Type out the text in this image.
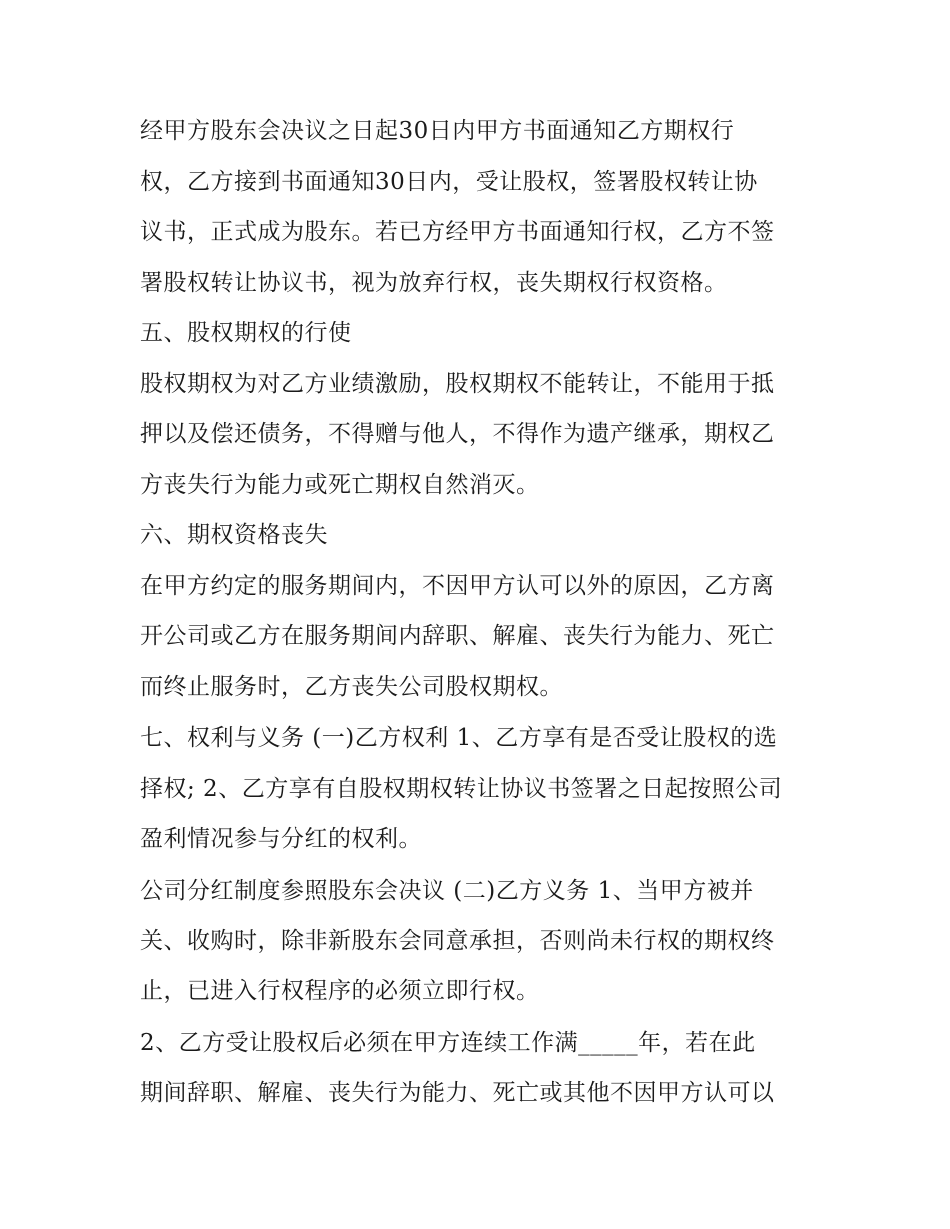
经甲方股东会决议之日起30日内甲方书面通知乙方期权行
权，乙方接到书面通知30日内，受让股权，签署股权转让协
议书，正式成为股东。若已方经甲方书面通知行权，乙方不签
署股权转让协议书，视为放弃行权，丧失期权行权资格。
五、股权期权的行使
股权期权为对乙方业绩激励，股权期权不能转让，不能用于抵
押以及偿还债务，不得赠与他人，不得作为遗产继承，期权乙
方丧失行为能力或死亡期权自然消灭。
六、期权资格丧失
在甲方约定的服务期间内，不因甲方认可以外的原因，乙方离
开公司或乙方在服务期间内辞职、解雇、丧失行为能力、死亡
而终止服务时，乙方丧失公司股权期权。
七、权利与义务 (一)乙方权利 1、乙方享有是否受让股权的选
择权; 2、乙方享有自股权期权转让协议书签署之日起按照公司
盈利情况参与分红的权利。
公司分红制度参照股东会决议 (二)乙方义务 1、当甲方被并
关、收购时，除非新股东会同意承担，否则尚未行权的期权终
止，已进入行权程序的必须立即行权。
2、乙方受让股权后必须在甲方连续工作满_____年，若在此
期间辞职、解雇、丧失行为能力、死亡或其他不因甲方认可以
